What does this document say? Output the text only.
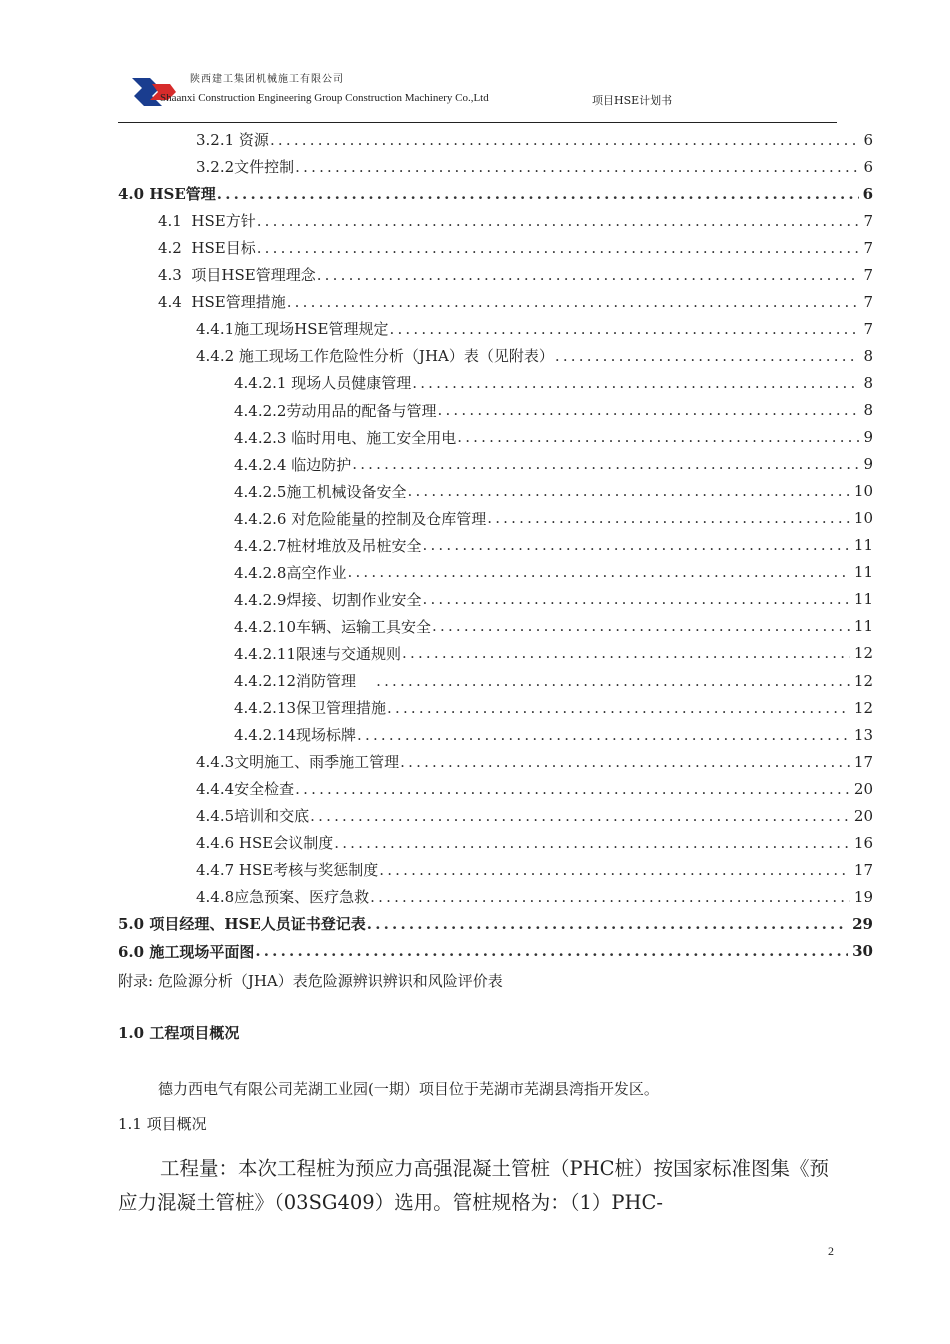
陕西建工集团机械施工有限公司
Shaanxi Construction Engineering Group Construction Machinery Co.,Ltd	项目HSE计划书
3.2.1 资源 .....	6
3.2.2文件控制 .....	6
4.0 HSE管理 .....	6
4.1  HSE方针 .....	7
4.2  HSE目标 .....	7
4.3  项目HSE管理理念 .....	7
4.4  HSE管理措施 .....	7
4.4.1施工现场HSE管理规定 .....	7
4.4.2 施工现场工作危险性分析（JHA）表（见附表） .....	8
4.4.2.1 现场人员健康管理 .....	8
4.4.2.2劳动用品的配备与管理 .....	8
4.4.2.3 临时用电、施工安全用电 .....	9
4.4.2.4 临边防护 .....	9
4.4.2.5施工机械设备安全 .....	10
4.4.2.6 对危险能量的控制及仓库管理 .....	10
4.4.2.7桩材堆放及吊桩安全 .....	11
4.4.2.8高空作业 .....	11
4.4.2.9焊接、切割作业安全 .....	11
4.4.2.10车辆、运输工具安全 .....	11
4.4.2.11限速与交通规则 .....	12
4.4.2.12消防管理 .....	12
4.4.2.13保卫管理措施 .....	12
4.4.2.14现场标牌 .....	13
4.4.3文明施工、雨季施工管理 .....	17
4.4.4安全检查 .....	20
4.4.5培训和交底 .....	20
4.4.6 HSE会议制度 .....	16
4.4.7 HSE考核与奖惩制度 .....	17
4.4.8应急预案、医疗急救 .....	19
5.0 项目经理、HSE人员证书登记表 .....	29
6.0 施工现场平面图 .....	30
附录: 危险源分析（JHA）表危险源辨识辨识和风险评价表
1.0 工程项目概况
德力西电气有限公司芜湖工业园(一期）项目位于芜湖市芜湖县湾指开发区。
1.1 项目概况
工程量：本次工程桩为预应力高强混凝土管桩（PHC桩）按国家标准图集《预应力混凝土管桩》（03SG409）选用。管桩规格为：（1）PHC-
2
